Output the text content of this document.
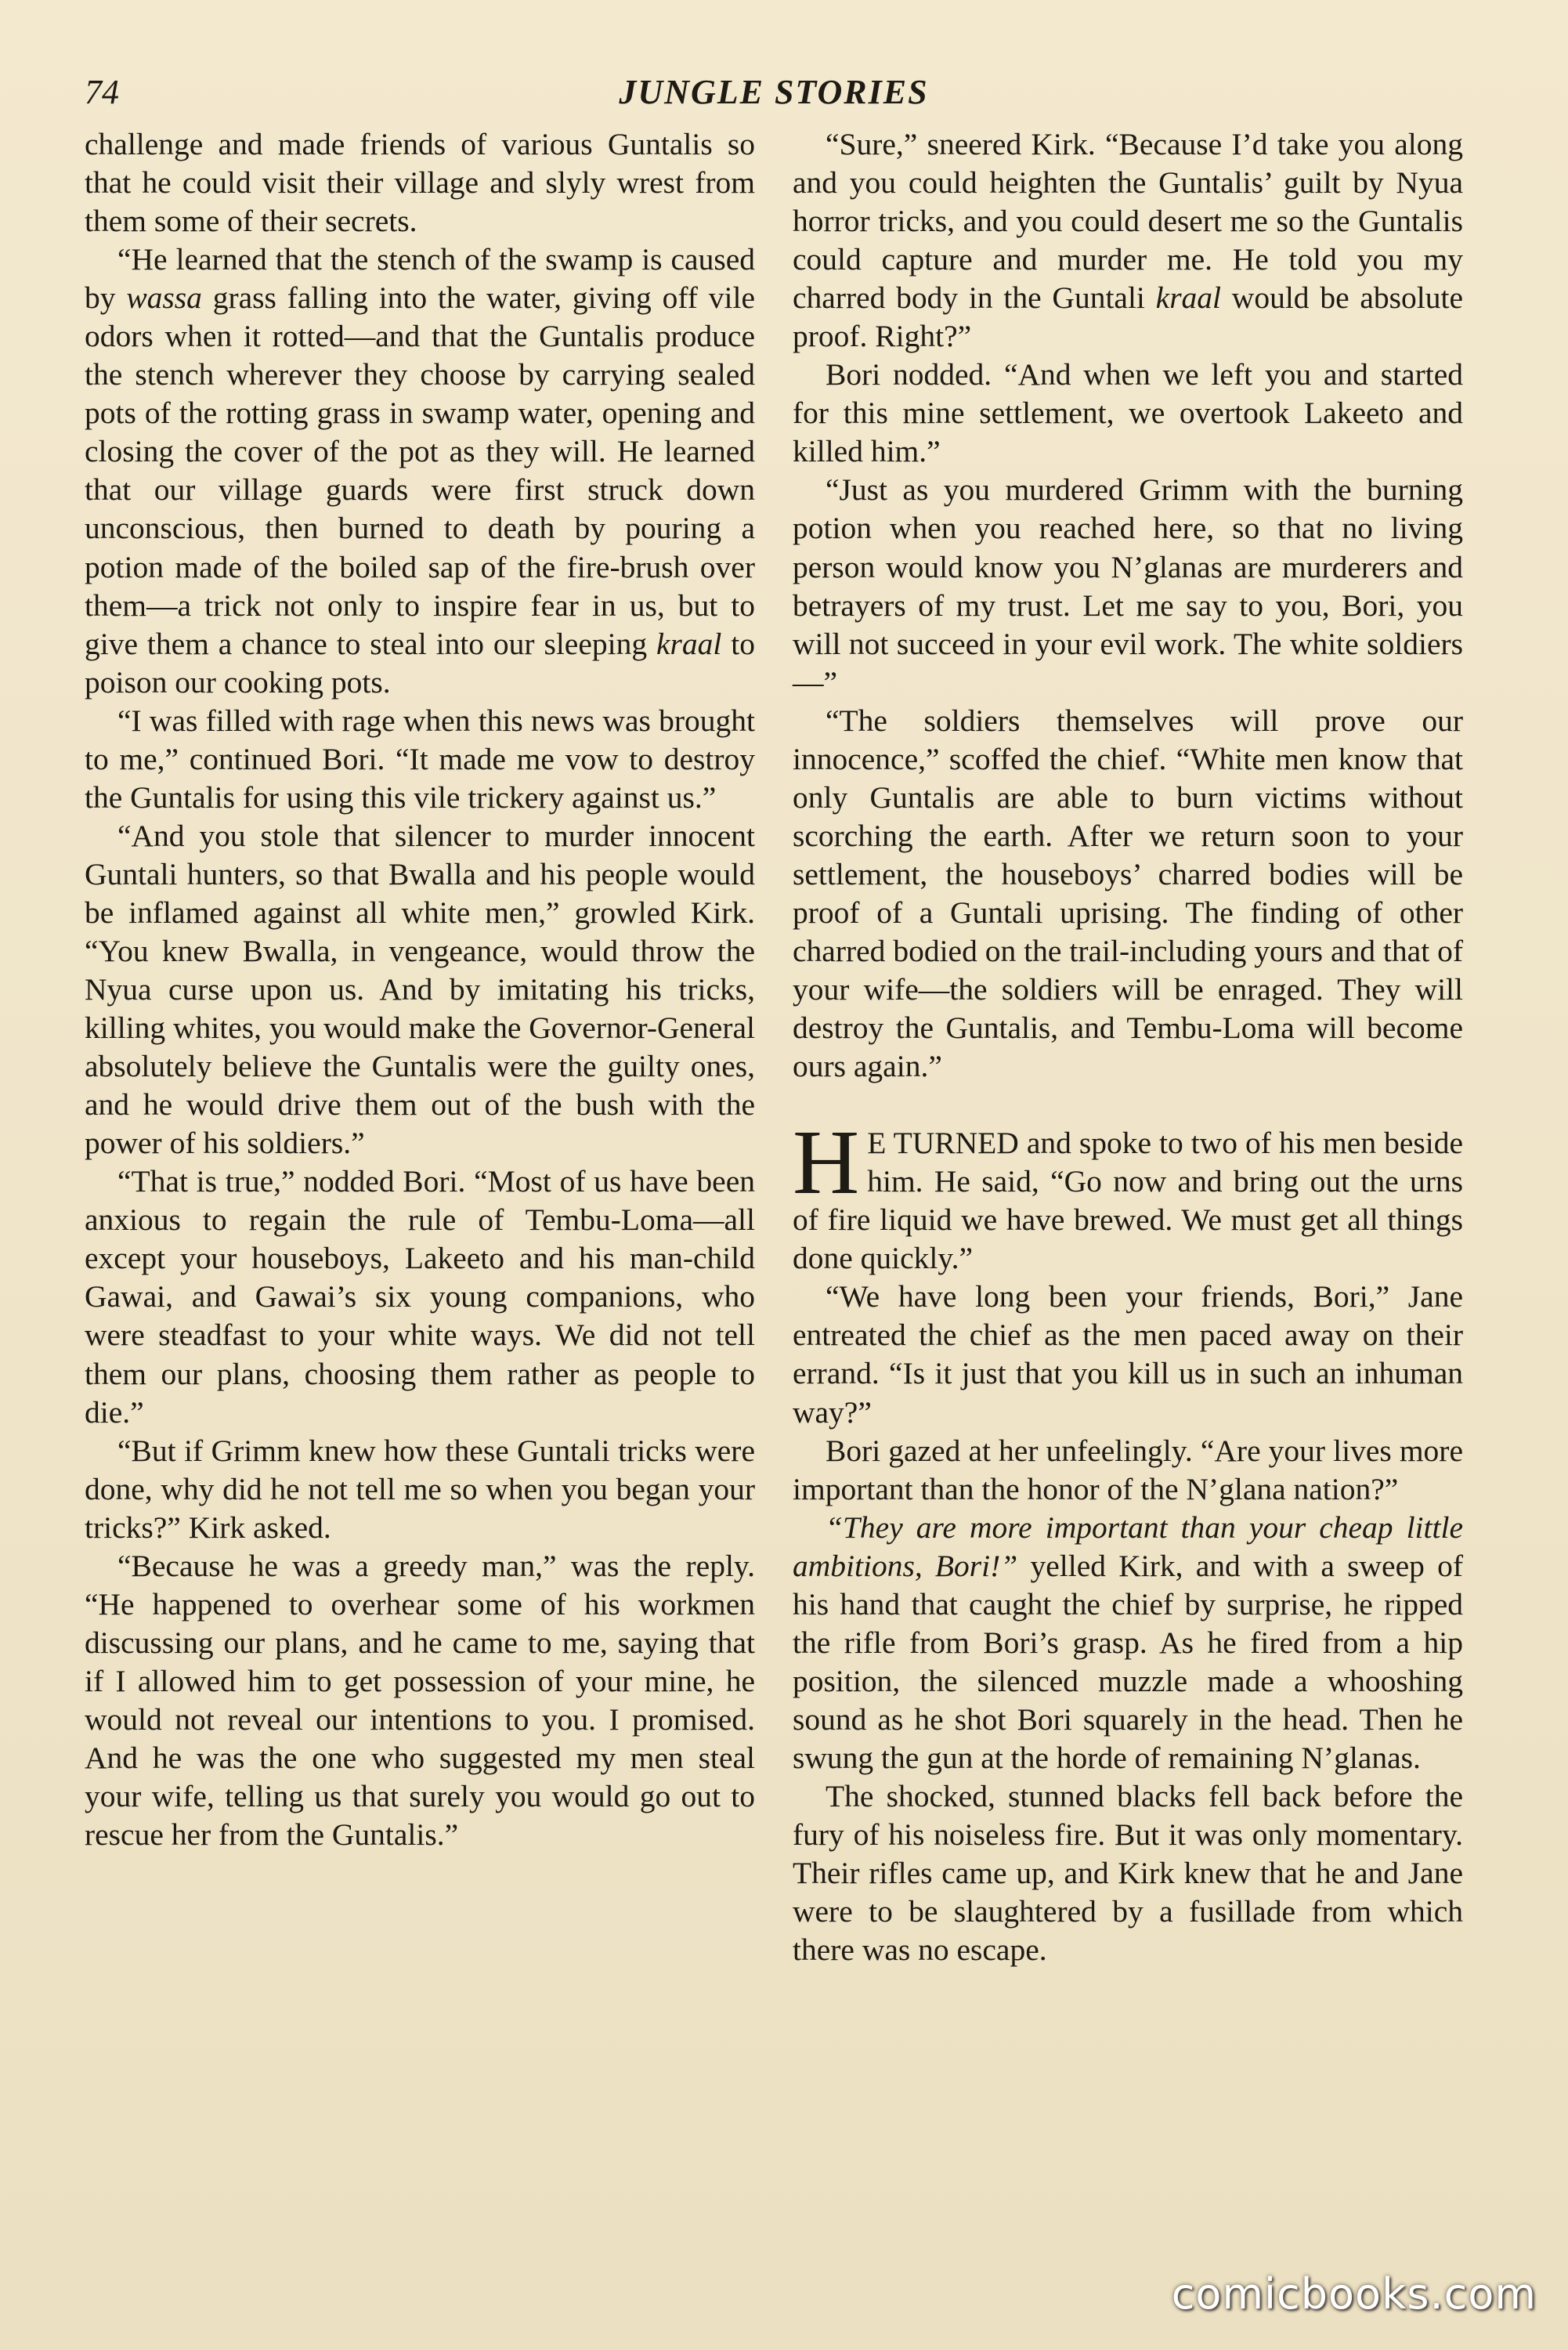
74	JUNGLE STORIES

challenge and made friends of various Guntalis so that he could visit their village and slyly wrest from them some of their secrets.

“He learned that the stench of the swamp is caused by wassa grass falling into the water, giving off vile odors when it rotted—and that the Guntalis produce the stench wherever they choose by carrying sealed pots of the rotting grass in swamp water, opening and closing the cover of the pot as they will. He learned that our village guards were first struck down unconscious, then burned to death by pouring a potion made of the boiled sap of the fire-brush over them—a trick not only to inspire fear in us, but to give them a chance to steal into our sleeping kraal to poison our cooking pots.

“I was filled with rage when this news was brought to me,” continued Bori. “It made me vow to destroy the Guntalis for using this vile trickery against us.”

“And you stole that silencer to murder innocent Guntali hunters, so that Bwalla and his people would be inflamed against all white men,” growled Kirk. “You knew Bwalla, in vengeance, would throw the Nyua curse upon us. And by imitating his tricks, killing whites, you would make the Governor-General absolutely believe the Guntalis were the guilty ones, and he would drive them out of the bush with the power of his soldiers.”

“That is true,” nodded Bori. “Most of us have been anxious to regain the rule of Tembu-Loma—all except your houseboys, Lakeeto and his man-child Gawai, and Gawai’s six young companions, who were steadfast to your white ways. We did not tell them our plans, choosing them rather as people to die.”

“But if Grimm knew how these Guntali tricks were done, why did he not tell me so when you began your tricks?” Kirk asked.

“Because he was a greedy man,” was the reply. “He happened to overhear some of his workmen discussing our plans, and he came to me, saying that if I allowed him to get possession of your mine, he would not reveal our intentions to you. I promised. And he was the one who suggested my men steal your wife, telling us that surely you would go out to rescue her from the Guntalis.”

“Sure,” sneered Kirk. “Because I’d take you along and you could heighten the Guntalis’ guilt by Nyua horror tricks, and you could desert me so the Guntalis could capture and murder me. He told you my charred body in the Guntali kraal would be absolute proof. Right?”

Bori nodded. “And when we left you and started for this mine settlement, we overtook Lakeeto and killed him.”

“Just as you murdered Grimm with the burning potion when you reached here, so that no living person would know you N’glanas are murderers and betrayers of my trust. Let me say to you, Bori, you will not succeed in your evil work. The white soldiers—”

“The soldiers themselves will prove our innocence,” scoffed the chief. “White men know that only Guntalis are able to burn victims without scorching the earth. After we return soon to your settlement, the houseboys’ charred bodies will be proof of a Guntali uprising. The finding of other charred bodied on the trail-including yours and that of your wife—the soldiers will be enraged. They will destroy the Guntalis, and Tembu-Loma will become ours again.”

H E TURNED and spoke to two of his men beside him. He said, “Go now and bring out the urns of fire liquid we have brewed. We must get all things done quickly.”

“We have long been your friends, Bori,” Jane entreated the chief as the men paced away on their errand. “Is it just that you kill us in such an inhuman way?”

Bori gazed at her unfeelingly. “Are your lives more important than the honor of the N’glana nation?”

“They are more important than your cheap little ambitions, Bori!” yelled Kirk, and with a sweep of his hand that caught the chief by surprise, he ripped the rifle from Bori’s grasp. As he fired from a hip position, the silenced muzzle made a whooshing sound as he shot Bori squarely in the head. Then he swung the gun at the horde of remaining N’glanas.

The shocked, stunned blacks fell back before the fury of his noiseless fire. But it was only momentary. Their rifles came up, and Kirk knew that he and Jane were to be slaughtered by a fusillade from which there was no escape.

comicbooks.com
